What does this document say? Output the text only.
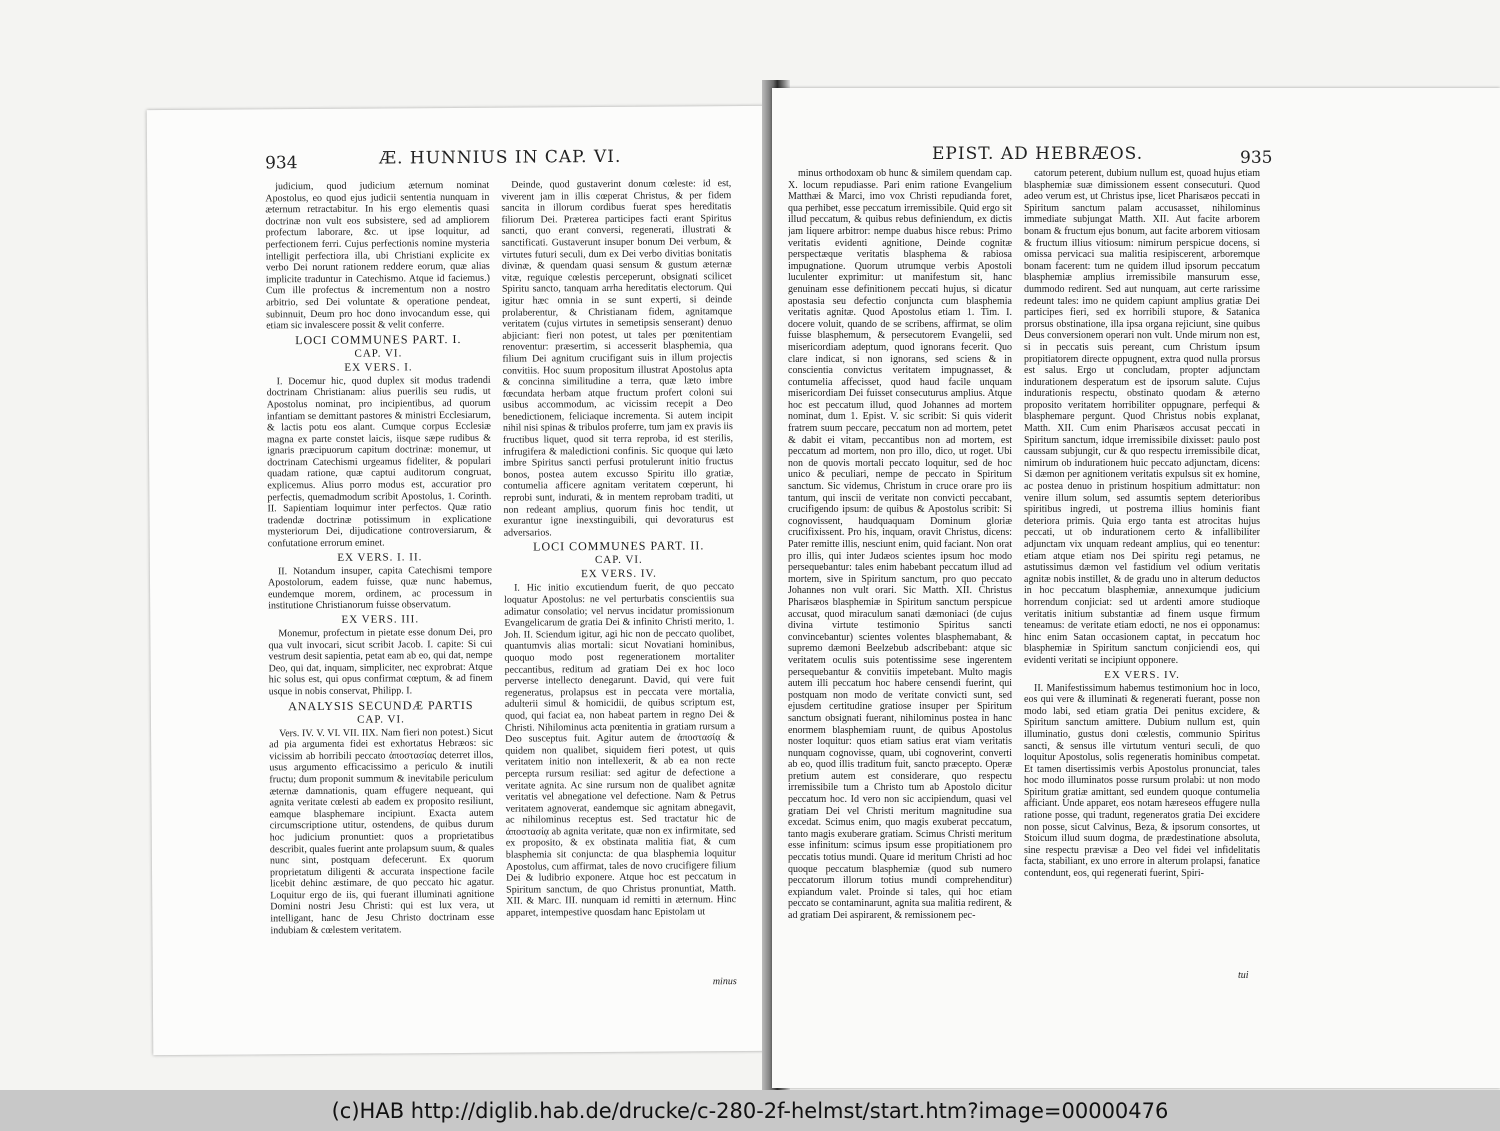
934	Æ. HUNNIUS IN CAP. VI.

judicium, quod judicium æternum nominat Apostolus, eo quod ejus judicii sententia nunquam in æternum retractabitur. In his ergo elementis quasi doctrinæ non vult eos subsistere, sed ad ampliorem profectum laborare, &c. ut ipse loquitur, ad perfectionem ferri. Cujus perfectionis nomine mysteria intelligit perfectiora illa, ubi Christiani explicite ex verbo Dei norunt rationem reddere eorum, quæ alias implicite traduntur in Catechismo. Atque id faciemus.) Cum ille profectus & incrementum non a nostro arbitrio, sed Dei voluntate & operatione pendeat, subinnuit, Deum pro hoc dono invocandum esse, qui etiam sic invalescere possit & velit conferre.

LOCI COMMUNES PART. I.
CAP. VI.
EX VERS. I.

I. Docemur hic, quod duplex sit modus tradendi doctrinam Christianam: alius puerilis seu rudis, ut Apostolus nominat, pro incipientibus, ad quorum infantiam se demittant pastores & ministri Ecclesiarum, & lactis potu eos alant. Cumque corpus Ecclesiæ magna ex parte constet laicis, iisque sæpe rudibus & ignaris præcipuorum capitum doctrinæ: monemur, ut doctrinam Catechismi urgeamus fideliter, & populari quadam ratione, quæ captui auditorum congruat, explicemus. Alius porro modus est, accuratior pro perfectis, quemadmodum scribit Apostolus, 1. Corinth. II. Sapientiam loquimur inter perfectos. Quæ ratio tradendæ doctrinæ potissimum in explicatione mysteriorum Dei, dijudicatione controversiarum, & confutatione errorum eminet.

EX VERS. I. II.

II. Notandum insuper, capita Catechismi tempore Apostolorum, eadem fuisse, quæ nunc habemus, eundemque morem, ordinem, ac processum in institutione Christianorum fuisse observatum.

EX VERS. III.

Monemur, profectum in pietate esse donum Dei, pro qua vult invocari, sicut scribit Jacob. I. capite: Si cui vestrum desit sapientia, petat eam ab eo, qui dat, nempe Deo, qui dat, inquam, simpliciter, nec exprobrat: Atque hic solus est, qui opus confirmat cœptum, & ad finem usque in nobis conservat, Philipp. I.

ANALYSIS SECUNDÆ PARTIS
CAP. VI.

Vers. IV. V. VI. VII. IIX. Nam fieri non potest.) Sicut ad pia argumenta fidei est exhortatus Hebræos: sic vicissim ab horribili peccato ἀποστασίας deterret illos, usus argumento efficacissimo a periculo & inutili fructu; dum proponit summum & inevitabile periculum æternæ damnationis, quam effugere nequeant, qui agnita veritate cœlesti ab eadem ex proposito resiliunt, eamque blasphemare incipiunt. Exacta autem circumscriptione utitur, ostendens, de quibus durum hoc judicium pronuntiet: quos a proprietatibus describit, quales fuerint ante prolapsum suum, & quales nunc sint, postquam defecerunt. Ex quorum proprietatum diligenti & accurata inspectione facile licebit dehinc æstimare, de quo peccato hic agatur. Loquitur ergo de iis, qui fuerant illuminati agnitione Domini nostri Jesu Christi: qui est lux vera, ut intelligant, hanc de Jesu Christo doctrinam esse indubiam & cœlestem veritatem.

Deinde, quod gustaverint donum cœleste: id est, viverent jam in illis cœperat Christus, & per fidem sancita in illorum cordibus fuerat spes hereditatis filiorum Dei. Præterea participes facti erant Spiritus sancti, quo erant conversi, regenerati, illustrati & sanctificati. Gustaverunt insuper bonum Dei verbum, & virtutes futuri seculi, dum ex Dei verbo divitias bonitatis divinæ, & quendam quasi sensum & gustum æternæ vitæ, reguique cœlestis perceperunt, obsignati scilicet Spiritu sancto, tanquam arrha hereditatis electorum. Qui igitur hæc omnia in se sunt experti, si deinde prolaberentur, & Christianam fidem, agnitamque veritatem (cujus virtutes in semetipsis senserant) denuo abjiciant: fieri non potest, ut tales per pœnitentiam renoventur: præsertim, si accesserit blasphemia, qua filium Dei agnitum crucifigant suis in illum projectis convitiis. Hoc suum propositum illustrat Apostolus apta & concinna similitudine a terra, quæ læto imbre fœcundata herbam atque fructum profert coloni sui usibus accommodum, ac vicissim recepit a Deo benedictionem, feliciaque incrementa. Si autem incipit nihil nisi spinas & tribulos proferre, tum jam ex pravis iis fructibus liquet, quod sit terra reproba, id est sterilis, infrugifera & maledictioni confinis. Sic quoque qui læto imbre Spiritus sancti perfusi protulerunt initio fructus bonos, postea autem excusso Spiritu illo gratiæ, contumelia afficere agnitam veritatem cœperunt, hi reprobi sunt, indurati, & in mentem reprobam traditi, ut non redeant amplius, quorum finis hoc tendit, ut exurantur igne inexstinguibili, qui devoraturus est adversarios.

LOCI COMMUNES PART. II.
CAP. VI.
EX VERS. IV.

I. Hic initio excutiendum fuerit, de quo peccato loquatur Apostolus: ne vel perturbatis conscientiis sua adimatur consolatio; vel nervus incidatur promissionum Evangelicarum de gratia Dei & infinito Christi merito, 1. Joh. II. Sciendum igitur, agi hic non de peccato quolibet, quantumvis alias mortali: sicut Novatiani hominibus, quoquo modo post regenerationem mortaliter peccantibus, reditum ad gratiam Dei ex hoc loco perverse intellecto denegarunt. David, qui vere fuit regeneratus, prolapsus est in peccata vere mortalia, adulterii simul & homicidii, de quibus scriptum est, quod, qui faciat ea, non habeat partem in regno Dei & Christi. Nihilominus acta pœnitentia in gratiam rursum a Deo susceptus fuit. Agitur autem de ἀποστασίᾳ & quidem non qualibet, siquidem fieri potest, ut quis veritatem initio non intellexerit, & ab ea non recte percepta rursum resiliat: sed agitur de defectione a veritate agnita. Ac sine rursum non de qualibet agnitæ veritatis vel abnegatione vel defectione. Nam & Petrus veritatem agnoverat, eandemque sic agnitam abnegavit, ac nihilominus receptus est. Sed tractatur hic de ἀποστασίᾳ ab agnita veritate, quæ non ex infirmitate, sed ex proposito, & ex obstinata malitia fiat, & cum blasphemia sit conjuncta: de qua blasphemia loquitur Apostolus, cum affirmat, tales de novo crucifigere filium Dei & ludibrio exponere. Atque hoc est peccatum in Spiritum sanctum, de quo Christus pronuntiat, Matth. XII. & Marc. III. nunquam id remitti in æternum. Hinc apparet, intempestive quosdam hanc Epistolam ut

minus
EPIST. AD HEBRÆOS.	935

minus orthodoxam ob hunc & similem quendam cap. X. locum repudiasse. Pari enim ratione Evangelium Matthæi & Marci, imo vox Christi repudianda foret, qua perhibet, esse peccatum irremissibile. Quid ergo sit illud peccatum, & quibus rebus definiendum, ex dictis jam liquere arbitror: nempe duabus hisce rebus: Primo veritatis evidenti agnitione, Deinde cognitæ perspectæque veritatis blasphema & rabiosa impugnatione. Quorum utrumque verbis Apostoli luculenter exprimitur: ut manifestum sit, hanc genuinam esse definitionem peccati hujus, si dicatur apostasia seu defectio conjuncta cum blasphemia veritatis agnitæ. Quod Apostolus etiam 1. Tim. I. docere voluit, quando de se scribens, affirmat, se olim fuisse blasphemum, & persecutorem Evangelii, sed misericordiam adeptum, quod ignorans fecerit. Quo clare indicat, si non ignorans, sed sciens & in conscientia convictus veritatem impugnasset, & contumelia affecisset, quod haud facile unquam misericordiam Dei fuisset consecuturus amplius. Atque hoc est peccatum illud, quod Johannes ad mortem nominat, dum 1. Epist. V. sic scribit: Si quis viderit fratrem suum peccare, peccatum non ad mortem, petet & dabit ei vitam, peccantibus non ad mortem, est peccatum ad mortem, non pro illo, dico, ut roget. Ubi non de quovis mortali peccato loquitur, sed de hoc unico & peculiari, nempe de peccato in Spiritum sanctum. Sic videmus, Christum in cruce orare pro iis tantum, qui inscii de veritate non convicti peccabant, crucifigendo ipsum: de quibus & Apostolus scribit: Si cognovissent, haudquaquam Dominum gloriæ crucifixissent. Pro his, inquam, oravit Christus, dicens: Pater remitte illis, nesciunt enim, quid faciant. Non orat pro illis, qui inter Judæos scientes ipsum hoc modo persequebantur: tales enim habebant peccatum illud ad mortem, sive in Spiritum sanctum, pro quo peccato Johannes non vult orari. Sic Matth. XII. Christus Pharisæos blasphemiæ in Spiritum sanctum perspicue accusat, quod miraculum sanati dæmoniaci (de cujus divina virtute testimonio Spiritus sancti convincebantur) scientes volentes blasphemabant, & supremo dæmoni Beelzebub adscribebant: atque sic veritatem oculis suis potentissime sese ingerentem persequebantur & convitiis impetebant. Multo magis autem illi peccatum hoc habere censendi fuerint, qui postquam non modo de veritate convicti sunt, sed ejusdem certitudine gratiose insuper per Spiritum sanctum obsignati fuerant, nihilominus postea in hanc enormem blasphemiam ruunt, de quibus Apostolus noster loquitur: quos etiam satius erat viam veritatis nunquam cognovisse, quam, ubi cognoverint, converti ab eo, quod illis traditum fuit, sancto præcepto. Operæ pretium autem est considerare, quo respectu irremissibile tum a Christo tum ab Apostolo dicitur peccatum hoc. Id vero non sic accipiendum, quasi vel gratiam Dei vel Christi meritum magnitudine sua excedat. Scimus enim, quo magis exuberat peccatum, tanto magis exuberare gratiam. Scimus Christi meritum esse infinitum: scimus ipsum esse propitiationem pro peccatis totius mundi. Quare id meritum Christi ad hoc quoque peccatum blasphemiæ (quod sub numero peccatorum illorum totius mundi comprehenditur) expiandum valet. Proinde si tales, qui hoc etiam peccato se contaminarunt, agnita sua malitia redirent, & ad gratiam Dei aspirarent, & remissionem pec-

catorum peterent, dubium nullum est, quoad hujus etiam blasphemiæ suæ dimissionem essent consecuturi. Quod adeo verum est, ut Christus ipse, licet Pharisæos peccati in Spiritum sanctum palam accusasset, nihilominus immediate subjungat Matth. XII. Aut facite arborem bonam & fructum ejus bonum, aut facite arborem vitiosam & fructum illius vitiosum: nimirum perspicue docens, si omissa pervicaci sua malitia resipiscerent, arboremque bonam facerent: tum ne quidem illud ipsorum peccatum blasphemiæ amplius irremissibile mansurum esse, dummodo redirent. Sed aut nunquam, aut certe rarissime redeunt tales: imo ne quidem capiunt amplius gratiæ Dei participes fieri, sed ex horribili stupore, & Satanica prorsus obstinatione, illa ipsa organa rejiciunt, sine quibus Deus conversionem operari non vult. Unde mirum non est, si in peccatis suis pereant, cum Christum ipsum propitiatorem directe oppugnent, extra quod nulla prorsus est salus. Ergo ut concludam, propter adjunctam indurationem desperatum est de ipsorum salute. Cujus indurationis respectu, obstinato quodam & æterno proposito veritatem horribiliter oppugnare, perfequi & blasphemare pergunt. Quod Christus nobis explanat, Matth. XII. Cum enim Pharisæos accusat peccati in Spiritum sanctum, idque irremissibile dixisset: paulo post caussam subjungit, cur & quo respectu irremissibile dicat, nimirum ob indurationem huic peccato adjunctam, dicens: Si dæmon per agnitionem veritatis expulsus sit ex homine, ac postea denuo in pristinum hospitium admittatur: non venire illum solum, sed assumtis septem deterioribus spiritibus ingredi, ut postrema illius hominis fiant deteriora primis. Quia ergo tanta est atrocitas hujus peccati, ut ob indurationem certo & infallibiliter adjunctam vix unquam redeant amplius, qui eo tenentur: etiam atque etiam nos Dei spiritu regi petamus, ne astutissimus dæmon vel fastidium vel odium veritatis agnitæ nobis instillet, & de gradu uno in alterum deductos in hoc peccatum blasphemiæ, annexumque judicium horrendum conjiciat: sed ut ardenti amore studioque veritatis initium substantiæ ad finem usque firmum teneamus: de veritate etiam edocti, ne nos ei opponamus: hinc enim Satan occasionem captat, in peccatum hoc blasphemiæ in Spiritum sanctum conjiciendi eos, qui evidenti veritati se incipiunt opponere.

EX VERS. IV.

II. Manifestissimum habemus testimonium hoc in loco, eos qui vere & illuminati & regenerati fuerant, posse non modo labi, sed etiam gratia Dei penitus excidere, & Spiritum sanctum amittere. Dubium nullum est, quin illuminatio, gustus doni cœlestis, communio Spiritus sancti, & sensus ille virtutum venturi seculi, de quo loquitur Apostolus, solis regeneratis hominibus competat. Et tamen disertissimis verbis Apostolus pronunciat, tales hoc modo illuminatos posse rursum prolabi: ut non modo Spiritum gratiæ amittant, sed eundem quoque contumelia afficiant. Unde apparet, eos notam hæreseos effugere nulla ratione posse, qui tradunt, regeneratos gratia Dei excidere non posse, sicut Calvinus, Beza, & ipsorum consortes, ut Stoicum illud suum dogma, de prædestinatione absoluta, sine respectu prævisæ a Deo vel fidei vel infidelitatis facta, stabiliant, ex uno errore in alterum prolapsi, fanatice contendunt, eos, qui regenerati fuerint, Spiri-

tui
(c)HAB http://diglib.hab.de/drucke/c-280-2f-helmst/start.htm?image=00000476
